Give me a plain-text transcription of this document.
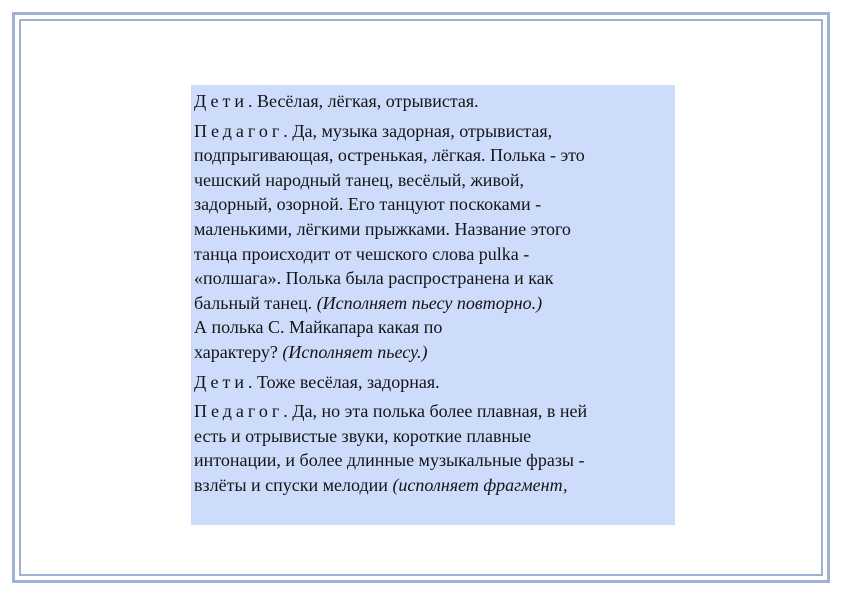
Дети. Весёлая, лёгкая, отрывистая.

Педагог. Да, музыка задорная, отрывистая,
подпрыгивающая, остренькая, лёгкая. Полька - это
чешский народный танец, весёлый, живой,
задорный, озорной. Его танцуют поскоками -
маленькими, лёгкими прыжками. Название этого
танца происходит от чешского слова pulka -
«полшага». Полька была распространена и как
бальный танец. (Исполняет пьесу повторно.)
А полька С. Майкапара какая по
характеру? (Исполняет пьесу.)

Дети. Тоже весёлая, задорная.

Педагог. Да, но эта полька более плавная, в ней
есть и отрывистые звуки, короткие плавные
интонации, и более длинные музыкальные фразы -
взлёты и спуски мелодии (исполняет фрагмент,
